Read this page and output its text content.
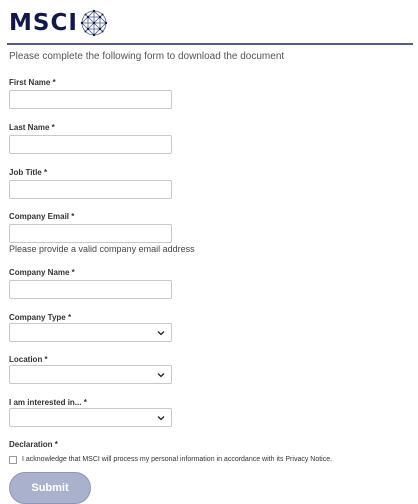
MSCI
Please complete the following form to download the document
First Name *
Last Name *
Job Title *
Company Email *
Please provide a valid company email address
Company Name *
Company Type *
Location *
I am interested in... *
Declaration *
I acknowledge that MSCI will process my personal information in accordance with its Privacy Notice.
Submit
